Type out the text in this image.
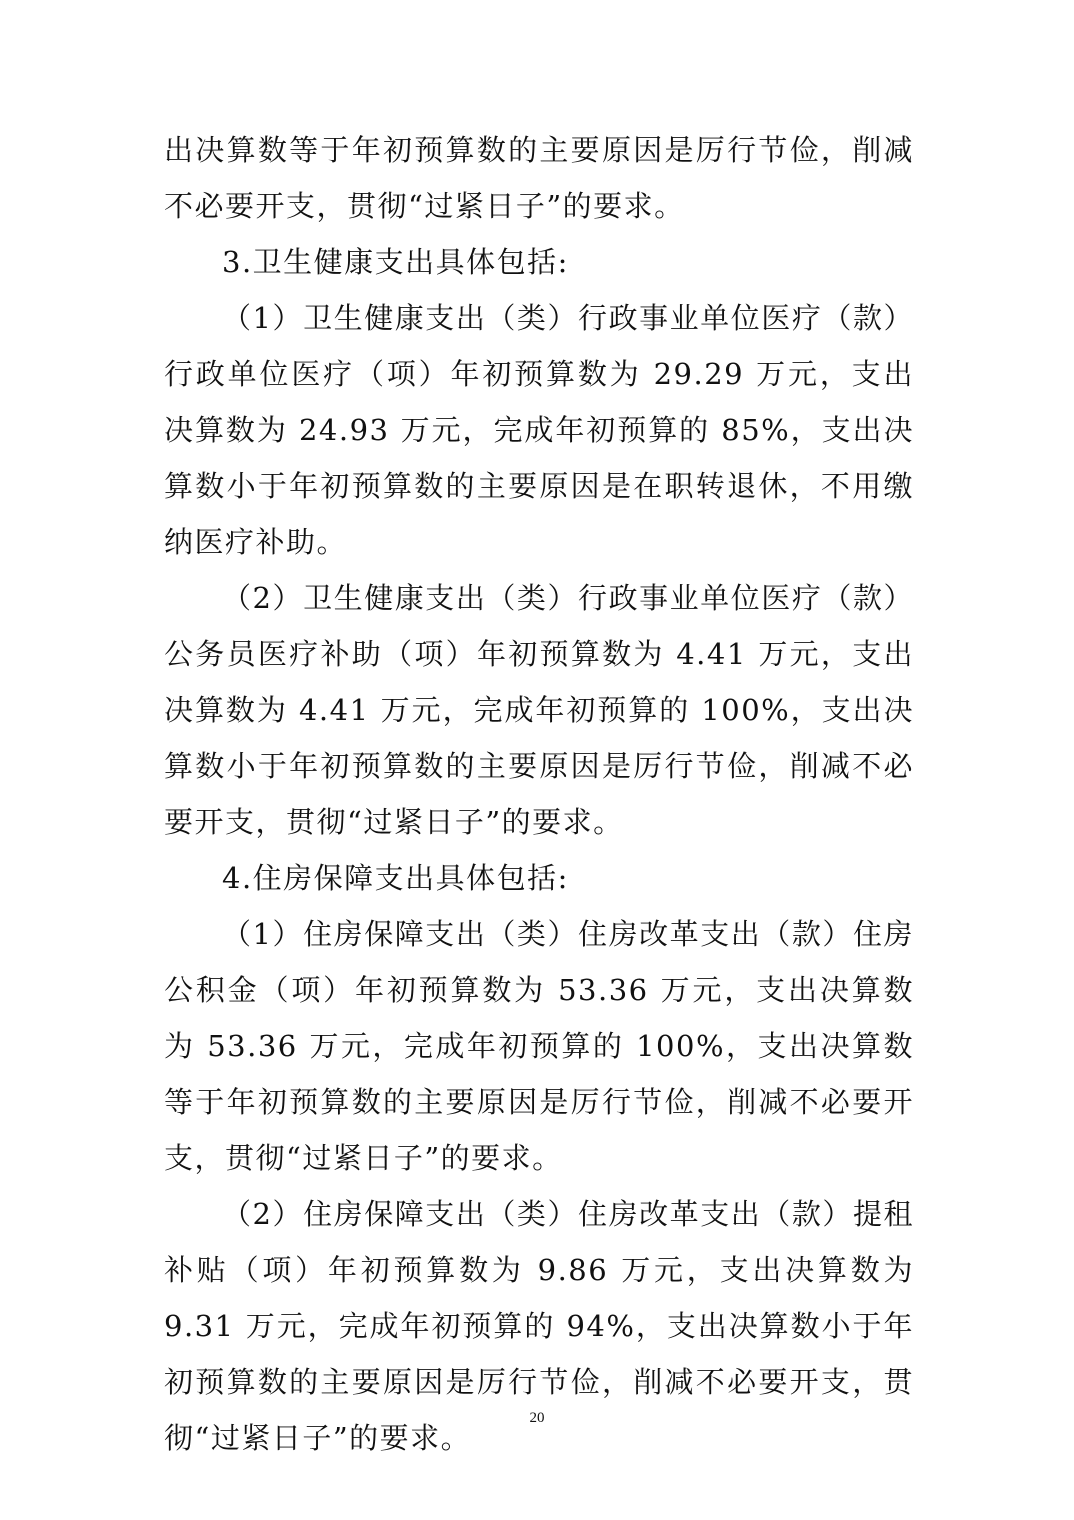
出决算数等于年初预算数的主要原因是厉行节俭，削减不必要开支，贯彻“过紧日子”的要求。

3.卫生健康支出具体包括:

（1）卫生健康支出（类）行政事业单位医疗（款）行政单位医疗（项）年初预算数为 29.29 万元，支出决算数为 24.93 万元，完成年初预算的 85%，支出决算数小于年初预算数的主要原因是在职转退休，不用缴纳医疗补助。

（2）卫生健康支出（类）行政事业单位医疗（款）公务员医疗补助（项）年初预算数为 4.41 万元，支出决算数为 4.41 万元，完成年初预算的 100%，支出决算数小于年初预算数的主要原因是厉行节俭，削减不必要开支，贯彻“过紧日子”的要求。

4.住房保障支出具体包括:

（1）住房保障支出（类）住房改革支出（款）住房公积金（项）年初预算数为 53.36 万元，支出决算数为 53.36 万元，完成年初预算的 100%，支出决算数等于年初预算数的主要原因是厉行节俭，削减不必要开支，贯彻“过紧日子”的要求。

（2）住房保障支出（类）住房改革支出（款）提租补贴（项）年初预算数为 9.86 万元，支出决算数为 9.31 万元，完成年初预算的 94%，支出决算数小于年初预算数的主要原因是厉行节俭，削减不必要开支，贯彻“过紧日子”的要求。

20
